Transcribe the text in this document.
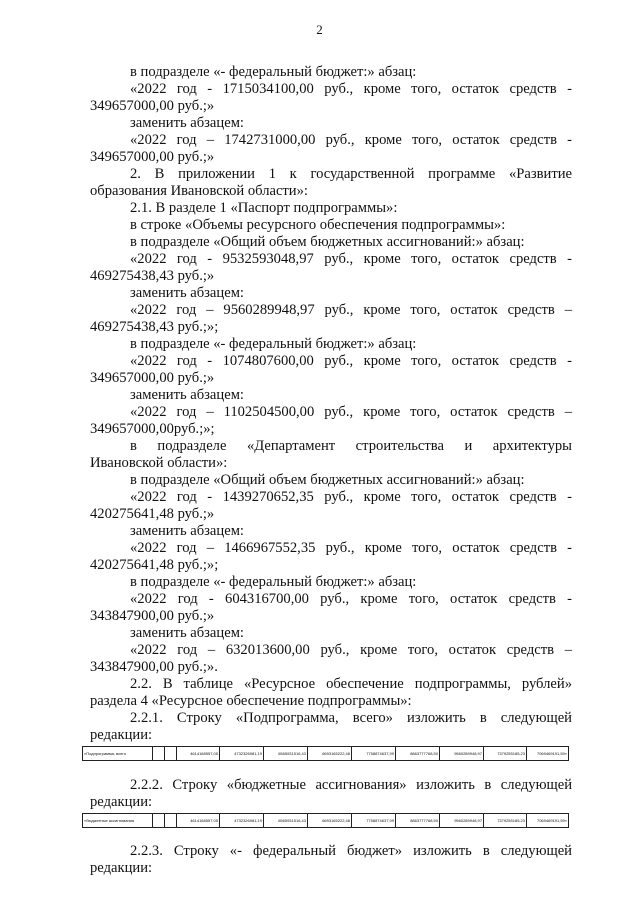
2
в подразделе «- федеральный бюджет:» абзац:
«2022 год - 1715034100,00 руб., кроме того, остаток средств -
349657000,00 руб.;»
заменить абзацем:
«2022 год – 1742731000,00 руб., кроме того, остаток средств -
349657000,00 руб.;»
2. В приложении 1 к государственной программе «Развитие
образования Ивановской области»:
2.1. В разделе 1 «Паспорт подпрограммы»:
в строке «Объемы ресурсного обеспечения подпрограммы»:
в подразделе «Общий объем бюджетных ассигнований:» абзац:
«2022 год - 9532593048,97 руб., кроме того, остаток средств -
469275438,43 руб.;»
заменить абзацем:
«2022 год – 9560289948,97 руб., кроме того, остаток средств –
469275438,43 руб.;»;
в подразделе «- федеральный бюджет:» абзац:
«2022 год - 1074807600,00 руб., кроме того, остаток средств -
349657000,00 руб.;»
заменить абзацем:
«2022 год – 1102504500,00 руб., кроме того, остаток средств –
349657000,00руб.;»;
в подразделе «Департамент строительства и архитектуры
Ивановской области»:
в подразделе «Общий объем бюджетных ассигнований:» абзац:
«2022 год - 1439270652,35 руб., кроме того, остаток средств -
420275641,48 руб.;»
заменить абзацем:
«2022 год – 1466967552,35 руб., кроме того, остаток средств -
420275641,48 руб.;»;
в подразделе «- федеральный бюджет:» абзац:
«2022 год - 604316700,00 руб., кроме того, остаток средств -
343847900,00 руб.;»
заменить абзацем:
«2022 год – 632013600,00 руб., кроме того, остаток средств –
343847900,00 руб.;».
2.2. В таблице «Ресурсное обеспечение подпрограммы, рублей»
раздела 4 «Ресурсное обеспечение подпрограммы»:
2.2.1. Строку «Подпрограмма, всего» изложить в следующей
редакции:
«Подпрограмма, всего			4614168557,05	4732326981,19	6565931516,43	6693165222,48	7758874637,99	8863777768,50	9560289948,97	7379255185,23	7069469191,59»
2.2.2. Строку «бюджетные ассигнования» изложить в следующей
редакции:
«бюджетные ассигнования			4614168557,05	4732326981,19	6565931516,43	6693165222,48	7758874637,99	8863777768,50	9560289948,97	7379255185,23	7069469191,59»
2.2.3. Строку «- федеральный бюджет» изложить в следующей
редакции:
